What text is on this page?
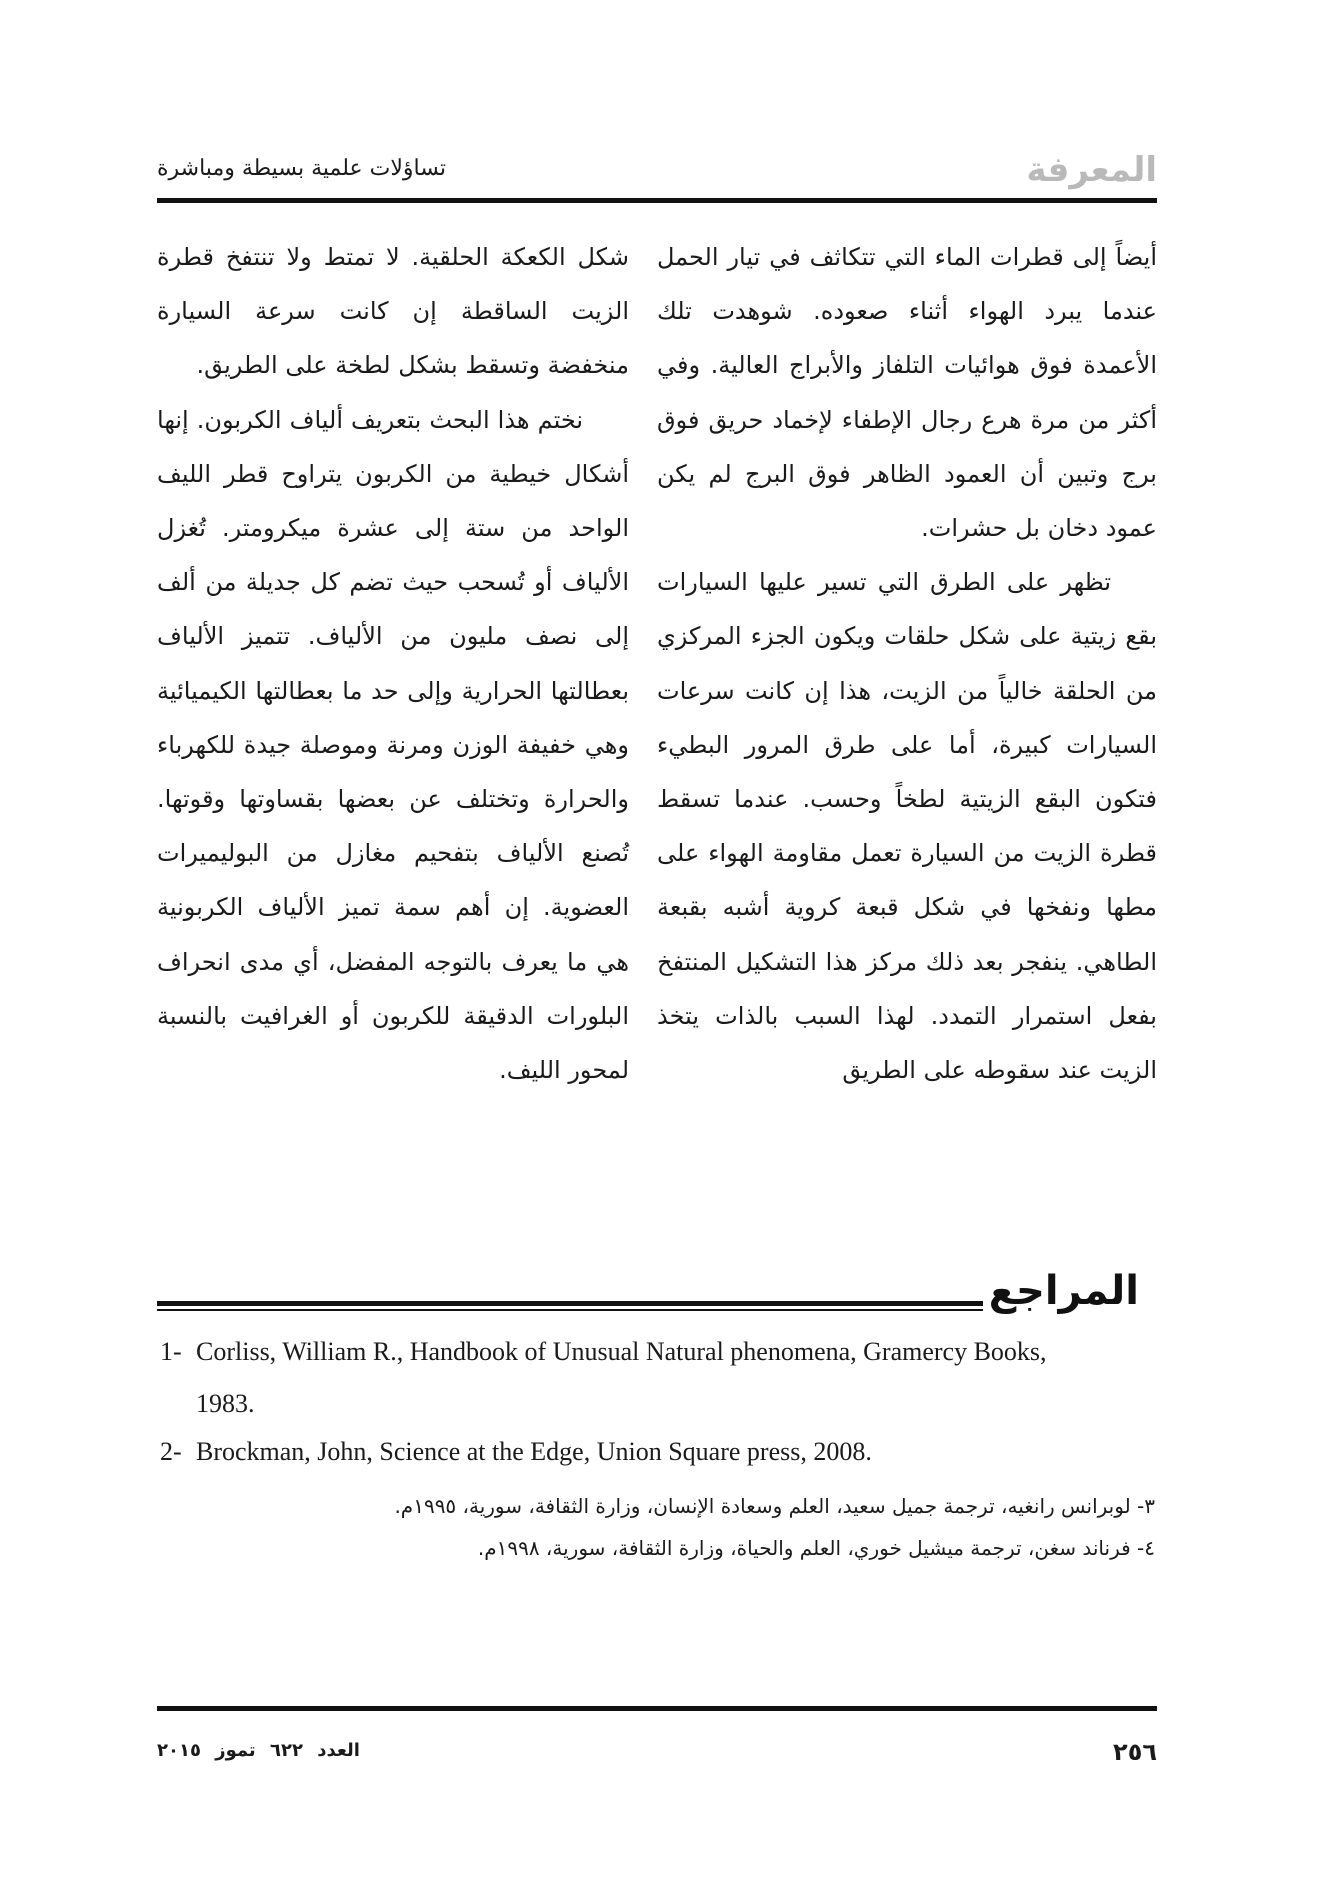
المعرفة
تساؤلات علمية بسيطة ومباشرة

أيضاً إلى قطرات الماء التي تتكاثف في تيار الحمل عندما يبرد الهواء أثناء صعوده. شوهدت تلك الأعمدة فوق هوائيات التلفاز والأبراج العالية. وفي أكثر من مرة هرع رجال الإطفاء لإخماد حريق فوق برج وتبين أن العمود الظاهر فوق البرج لم يكن عمود دخان بل حشرات.

تظهر على الطرق التي تسير عليها السيارات بقع زيتية على شكل حلقات ويكون الجزء المركزي من الحلقة خالياً من الزيت، هذا إن كانت سرعات السيارات كبيرة، أما على طرق المرور البطيء فتكون البقع الزيتية لطخاً وحسب. عندما تسقط قطرة الزيت من السيارة تعمل مقاومة الهواء على مطها ونفخها في شكل قبعة كروية أشبه بقبعة الطاهي. ينفجر بعد ذلك مركز هذا التشكيل المنتفخ بفعل استمرار التمدد. لهذا السبب بالذات يتخذ الزيت عند سقوطه على الطريق

شكل الكعكة الحلقية. لا تمتط ولا تنتفخ قطرة الزيت الساقطة إن كانت سرعة السيارة منخفضة وتسقط بشكل لطخة على الطريق.

نختم هذا البحث بتعريف ألياف الكربون. إنها أشكال خيطية من الكربون يتراوح قطر الليف الواحد من ستة إلى عشرة ميكرومتر. تُغزل الألياف أو تُسحب حيث تضم كل جديلة من ألف إلى نصف مليون من الألياف. تتميز الألياف بعطالتها الحرارية وإلى حد ما بعطالتها الكيميائية وهي خفيفة الوزن ومرنة وموصلة جيدة للكهرباء والحرارة وتختلف عن بعضها بقساوتها وقوتها. تُصنع الألياف بتفحيم مغازل من البوليميرات العضوية. إن أهم سمة تميز الألياف الكربونية هي ما يعرف بالتوجه المفضل، أي مدى انحراف البلورات الدقيقة للكربون أو الغرافيت بالنسبة لمحور الليف.

المراجع
1- Corliss, William R., Handbook of Unusual Natural phenomena, Gramercy Books,
1983.
2- Brockman, John, Science at the Edge, Union Square press, 2008.
٣- لوبرانس رانغيه، ترجمة جميل سعيد، العلم وسعادة الإنسان، وزارة الثقافة، سورية، ١٩٩٥م.
٤- فرناند سغن، ترجمة ميشيل خوري، العلم والحياة، وزارة الثقافة، سورية، ١٩٩٨م.
٢٥٦
العدد ٦٢٢ تموز ٢٠١٥
